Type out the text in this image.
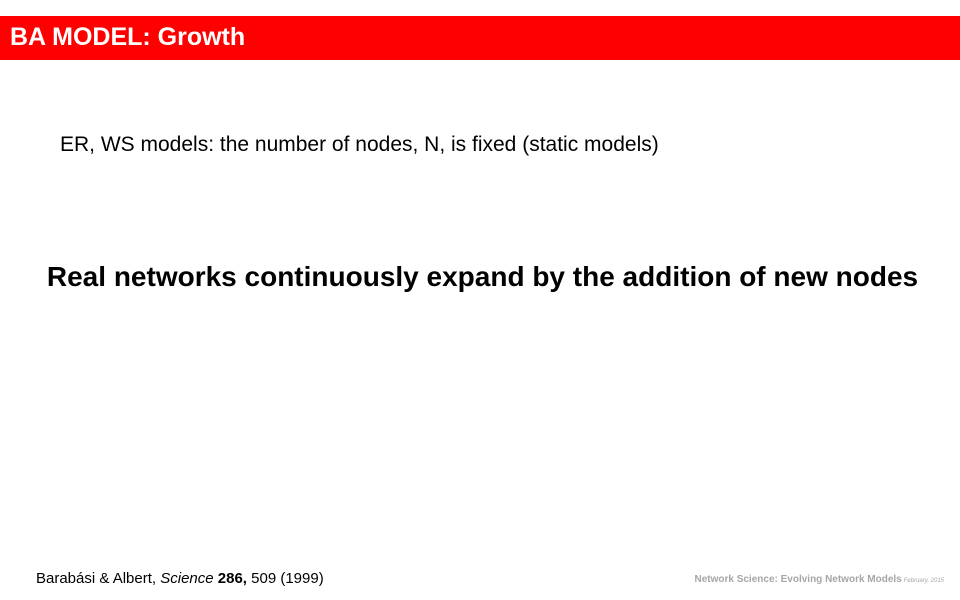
BA MODEL: Growth
ER, WS models: the number of nodes, N, is fixed (static models)
Real networks continuously expand by the addition of new nodes
Barabási & Albert, Science 286, 509 (1999)	Network Science: Evolving Network Models February, 2015
